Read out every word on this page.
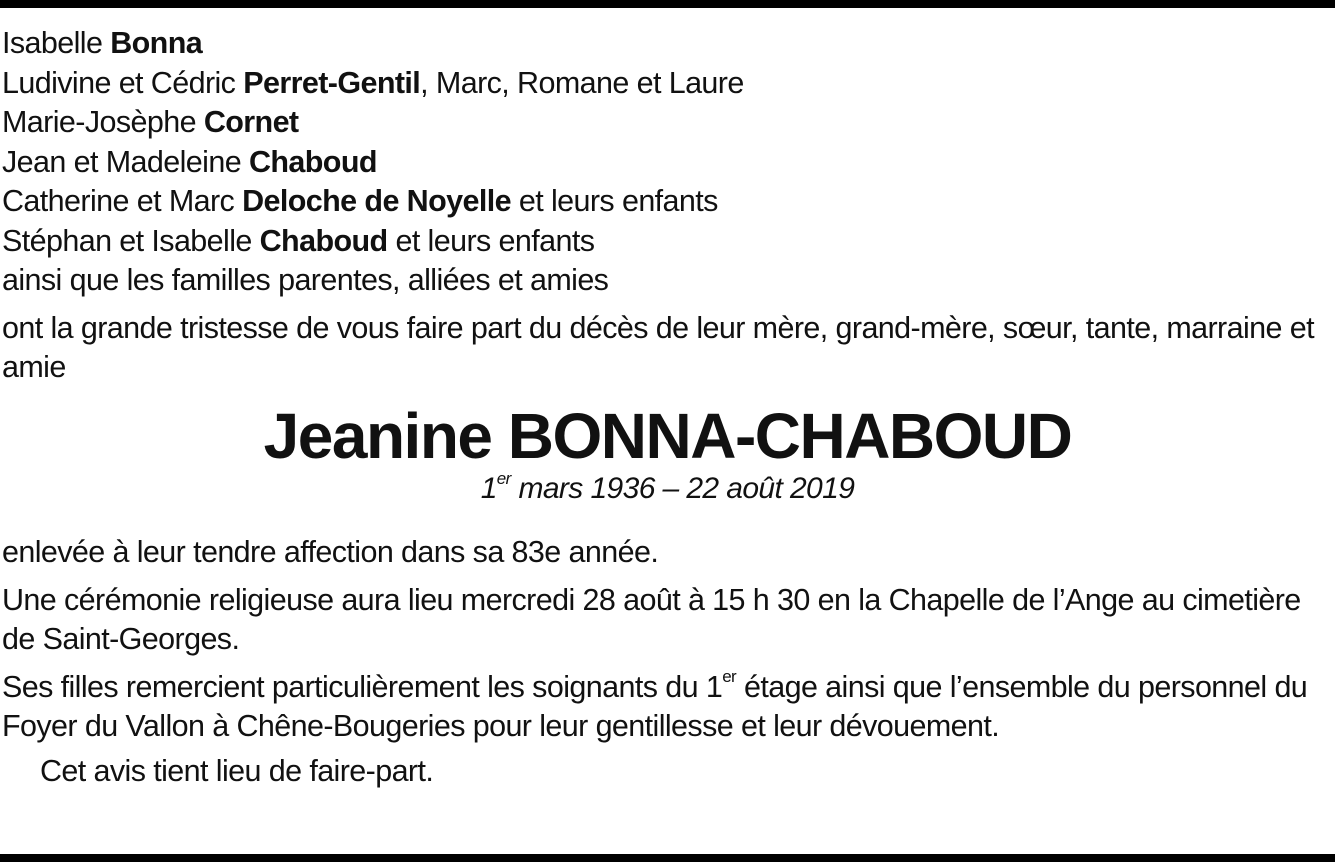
Isabelle Bonna
Ludivine et Cédric Perret-Gentil, Marc, Romane et Laure
Marie-Josèphe Cornet
Jean et Madeleine Chaboud
Catherine et Marc Deloche de Noyelle et leurs enfants
Stéphan et Isabelle Chaboud et leurs enfants
ainsi que les familles parentes, alliées et amies

ont la grande tristesse de vous faire part du décès de leur mère, grand-mère, sœur, tante, marraine et amie

Jeanine BONNA-CHABOUD
1er mars 1936 – 22 août 2019

enlevée à leur tendre affection dans sa 83e année.

Une cérémonie religieuse aura lieu mercredi 28 août à 15 h 30 en la Chapelle de l’Ange au cimetière de Saint-Georges.

Ses filles remercient particulièrement les soignants du 1er étage ainsi que l’ensemble du personnel du Foyer du Vallon à Chêne-Bougeries pour leur gentillesse et leur dévouement.

Cet avis tient lieu de faire-part.
